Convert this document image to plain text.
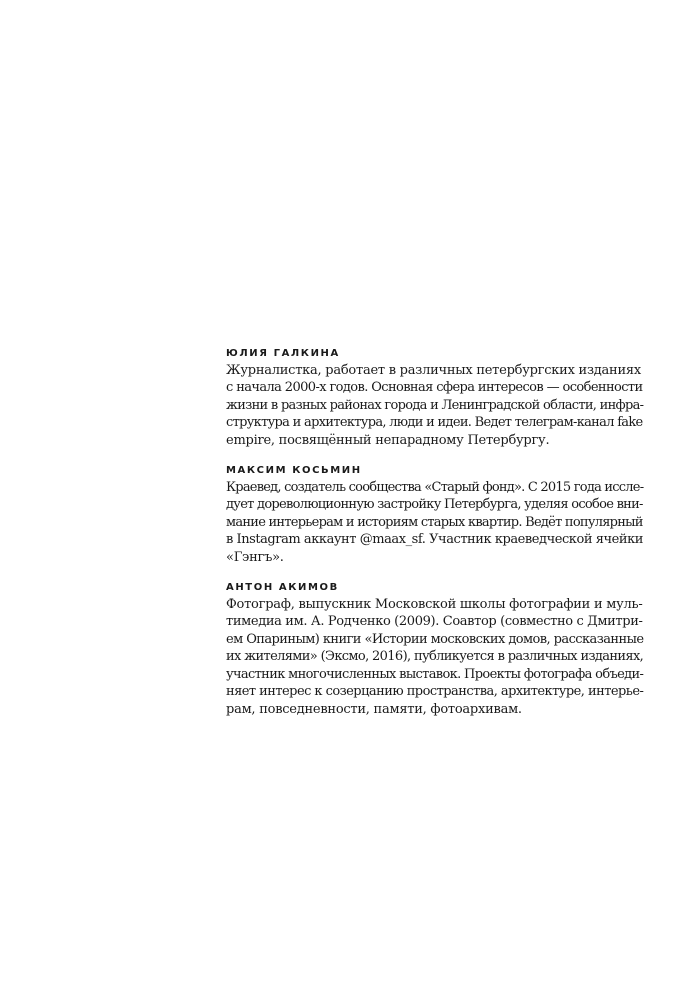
ЮЛИЯ ГАЛКИНА
Журналистка, работает в различных петербургских изданиях
с начала 2000-х годов. Основная сфера интересов — особенности
жизни в разных районах города и Ленинградской области, инфра-
структура и архитектура, люди и идеи. Ведет телеграм-канал fake
empire, посвящённый непарадному Петербургу.
МАКСИМ КОСЬМИН
Краевед, создатель сообщества «Старый фонд». С 2015 года иссле-
дует дореволюционную застройку Петербурга, уделяя особое вни-
мание интерьерам и историям старых квартир. Ведёт популярный
в Instagram аккаунт @maax_sf. Участник краеведческой ячейки
«Гэнгъ».
АНТОН АКИМОВ
Фотограф, выпускник Московской школы фотографии и муль-
тимедиа им. А. Родченко (2009). Соавтор (совместно с Дмитри-
ем Опариным) книги «Истории московских домов, рассказанные
их жителями» (Эксмо, 2016), публикуется в различных изданиях,
участник многочисленных выставок. Проекты фотографа объеди-
няет интерес к созерцанию пространства, архитектуре, интерье-
рам, повседневности, памяти, фотоархивам.
